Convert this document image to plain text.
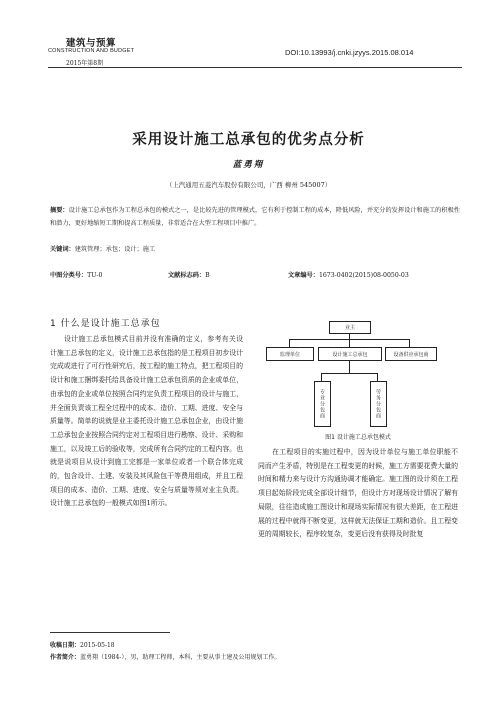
建筑与预算
CONSTRUCTION AND BUDGET
2015年第8期
DOI:10.13993/j.cnki.jzyys.2015.08.014
采用设计施工总承包的优劣点分析
蓝勇翔
（上汽通用五菱汽车股份有限公司，广西 柳州 545007）
摘要：设计施工总承包作为工程总承包的模式之一，是比较先进的管理模式，它有利于控制工程的成本，降低风险，并充分的发挥设计和施工的积极性和潜力，更好地缩短工期和提高工程质量，非常适合在大型工程项目中推广。
关键词：建筑管理；承包；设计；施工
中图分类号：TU-0	文献标志码：B	文章编号：1673-0402(2015)08-0050-03
1 什么是设计施工总承包
设计施工总承包模式目前并没有准确的定义，参考有关设计施工总承包的定义，设计施工总承包指的是工程项目初步设计完成或进行了可行性研究后，按工程的施工特点，把工程项目的设计和施工捆绑委托给具备设计施工总承包资质的企业或单位，由承包的企业或单位按照合同约定负责工程项目的设计与施工，并全面负责该工程全过程中的成本、造价、工期、进度、安全与质量等。简单的说就是业主委托设计施工总承包企业，由设计施工总承包企业按照合同约定对工程项目进行勘察、设计、采购和施工，以及竣工后的验收等，完成所有合同约定的工程内容。也就是说项目从设计到施工完都是一家单位或者一个联合体完成的，包含设计、土建、安装及其风险包干等费用组成，并且工程项目的成本、造价、工期、进度、安全与质量等须对业主负责。设计施工总承包的一般模式如图1所示。
业主
监理单位	设计施工总承包	设备供应承包商
专业分包商	劳务分包商
图1 设计施工总承包模式
在工程项目的实施过程中，因为设计单位与施工单位职能不同而产生矛盾，特别是在工程变更的时候，施工方需要花费大量的时间和精力来与设计方沟通协调才能确定。施工图的设计须在工程项目起始阶段完成全部设计细节，但设计方对现场设计情况了解有局限，往往造成施工图设计和现场实际情况有很大差距，在工程进展的过程中就得不断变更，这样就无法保证工期和造价。且工程变更的周期较长，程序较复杂，变更后没有获得及时批复
收稿日期：2015-05-18
作者简介：蓝勇翔（1984-），男，助理工程师，本科，主要从事土建及公用规划工作。
